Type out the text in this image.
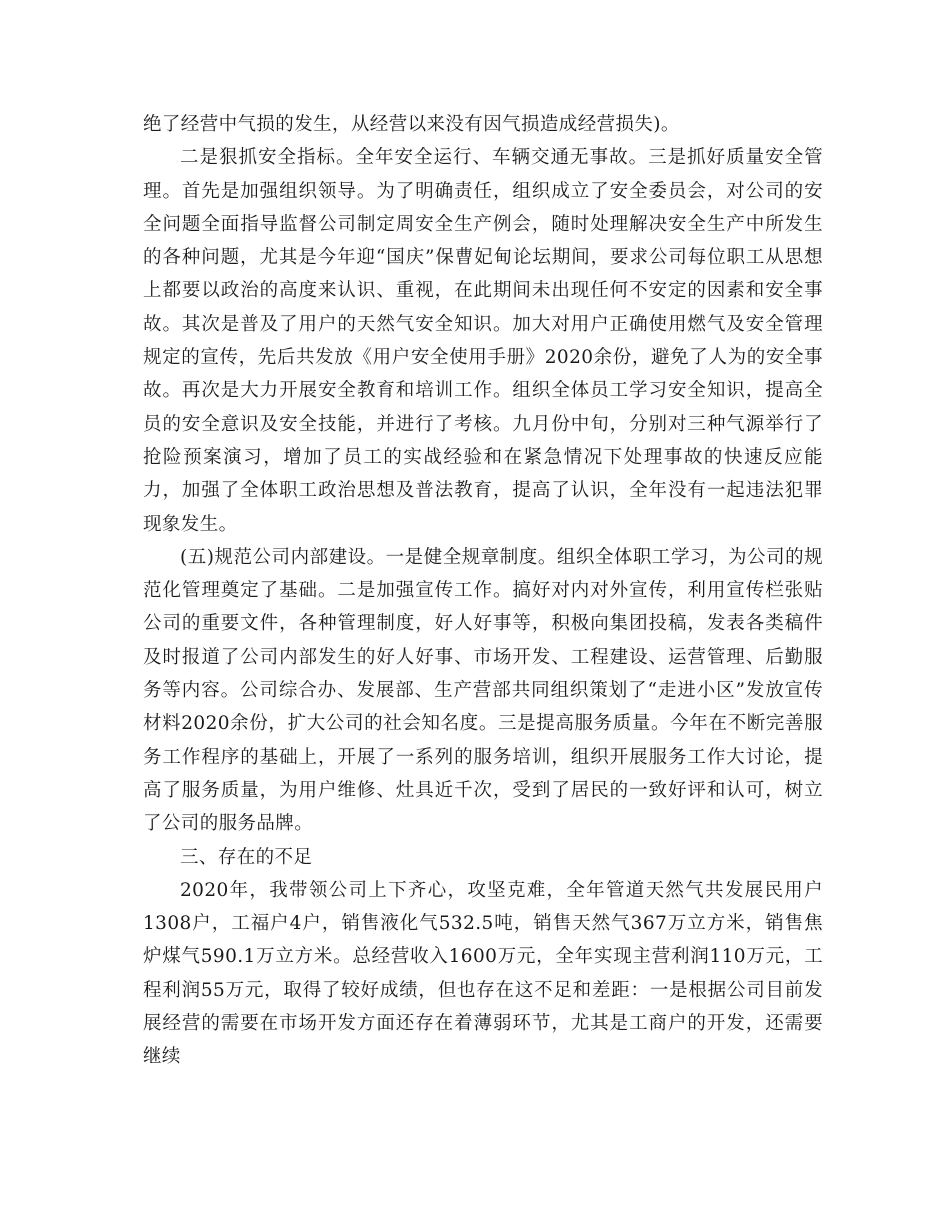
绝了经营中气损的发生，从经营以来没有因气损造成经营损失)。

二是狠抓安全指标。全年安全运行、车辆交通无事故。三是抓好质量安全管理。首先是加强组织领导。为了明确责任，组织成立了安全委员会，对公司的安全问题全面指导监督公司制定周安全生产例会，随时处理解决安全生产中所发生的各种问题，尤其是今年迎“国庆”保曹妃甸论坛期间，要求公司每位职工从思想上都要以政治的高度来认识、重视，在此期间未出现任何不安定的因素和安全事故。其次是普及了用户的天然气安全知识。加大对用户正确使用燃气及安全管理规定的宣传，先后共发放《用户安全使用手册》2020余份，避免了人为的安全事故。再次是大力开展安全教育和培训工作。组织全体员工学习安全知识，提高全员的安全意识及安全技能，并进行了考核。九月份中旬，分别对三种气源举行了抢险预案演习，增加了员工的实战经验和在紧急情况下处理事故的快速反应能力，加强了全体职工政治思想及普法教育，提高了认识，全年没有一起违法犯罪现象发生。

(五)规范公司内部建设。一是健全规章制度。组织全体职工学习，为公司的规范化管理奠定了基础。二是加强宣传工作。搞好对内对外宣传，利用宣传栏张贴公司的重要文件，各种管理制度，好人好事等，积极向集团投稿，发表各类稿件及时报道了公司内部发生的好人好事、市场开发、工程建设、运营管理、后勤服务等内容。公司综合办、发展部、生产营部共同组织策划了“走进小区”发放宣传材料2020余份，扩大公司的社会知名度。三是提高服务质量。今年在不断完善服务工作程序的基础上，开展了一系列的服务培训，组织开展服务工作大讨论，提高了服务质量，为用户维修、灶具近千次，受到了居民的一致好评和认可，树立了公司的服务品牌。

三、存在的不足

2020年，我带领公司上下齐心，攻坚克难，全年管道天然气共发展民用户1308户，工福户4户，销售液化气532.5吨，销售天然气367万立方米，销售焦炉煤气590.1万立方米。总经营收入1600万元，全年实现主营利润110万元，工程利润55万元，取得了较好成绩，但也存在这不足和差距：一是根据公司目前发展经营的需要在市场开发方面还存在着薄弱环节，尤其是工商户的开发，还需要继续
